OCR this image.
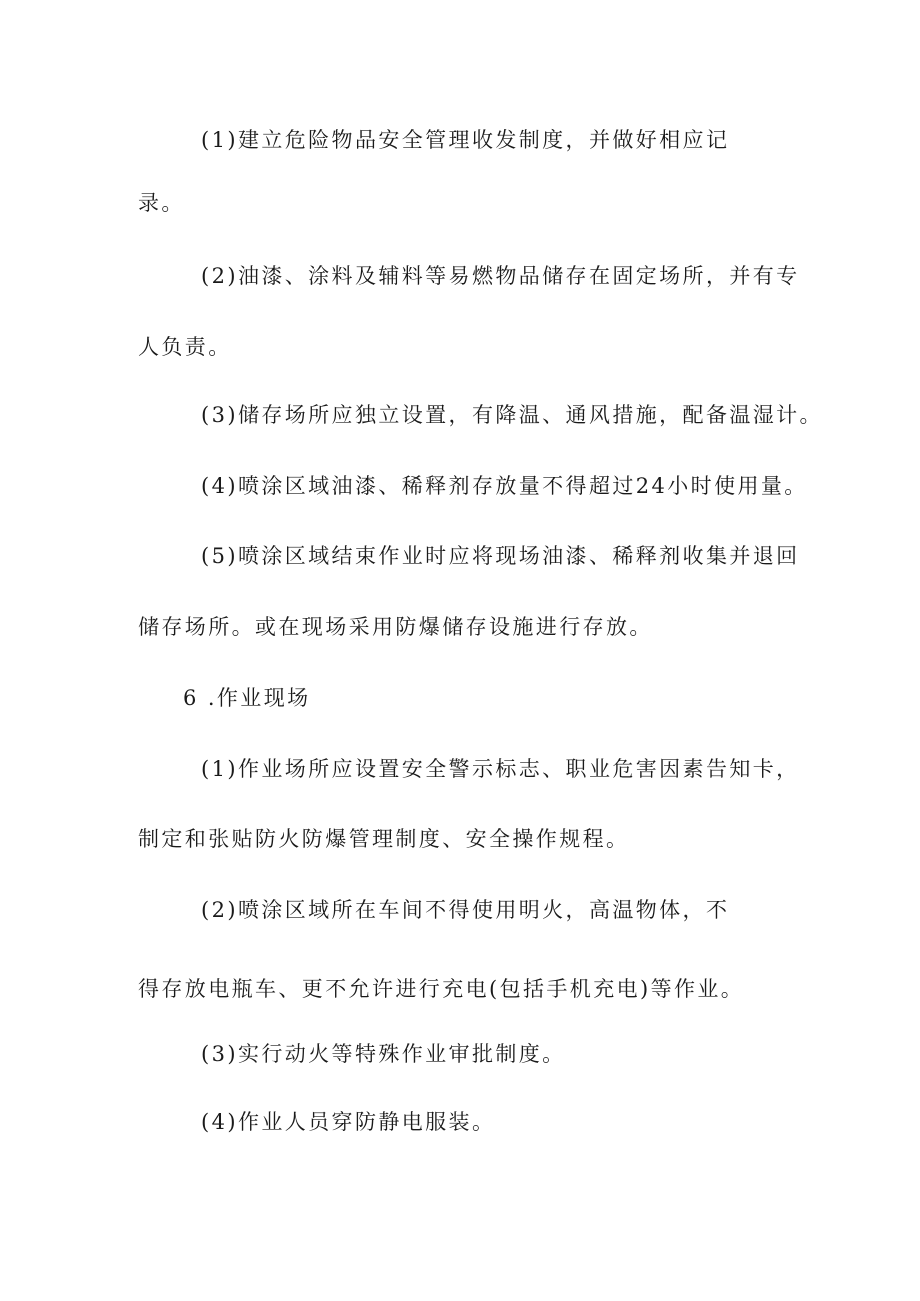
(1)建立危险物品安全管理收发制度，并做好相应记
录。
(2)油漆、涂料及辅料等易燃物品储存在固定场所，并有专
人负责。
(3)储存场所应独立设置，有降温、通风措施，配备温湿计。
(4)喷涂区域油漆、稀释剂存放量不得超过24小时使用量。
(5)喷涂区域结束作业时应将现场油漆、稀释剂收集并退回
储存场所。或在现场采用防爆储存设施进行存放。
6 .作业现场
(1)作业场所应设置安全警示标志、职业危害因素告知卡，
制定和张贴防火防爆管理制度、安全操作规程。
(2)喷涂区域所在车间不得使用明火，高温物体，不
得存放电瓶车、更不允许进行充电(包括手机充电)等作业。
(3)实行动火等特殊作业审批制度。
(4)作业人员穿防静电服装。
